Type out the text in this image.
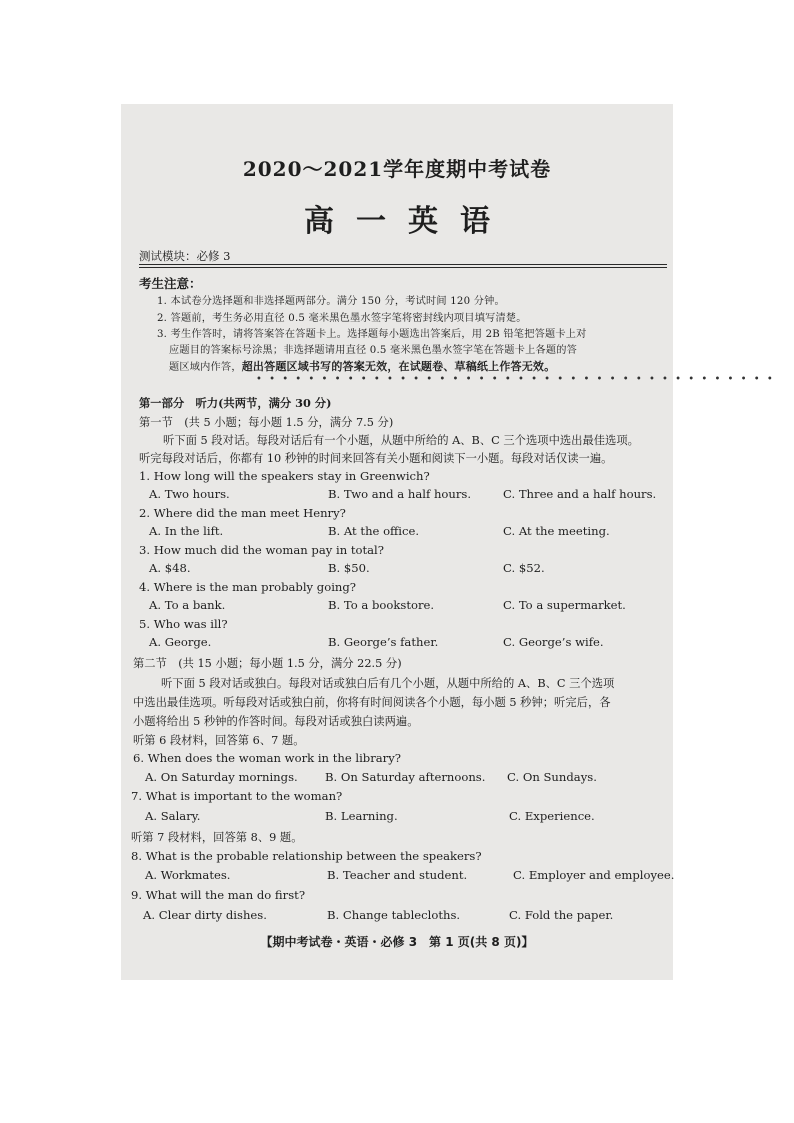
2020～2021学年度期中考试卷
高一英语
测试模块：必修 3
考生注意：
1. 本试卷分选择题和非选择题两部分。满分 150 分，考试时间 120 分钟。
2. 答题前，考生务必用直径 0.5 毫米黑色墨水签字笔将密封线内项目填写清楚。
3. 考生作答时，请将答案答在答题卡上。选择题每小题选出答案后，用 2B 铅笔把答题卡上对
应题目的答案标号涂黑；非选择题请用直径 0.5 毫米黑色墨水签字笔在答题卡上各题的答
题区域内作答，超出答题区域书写的答案无效，在试题卷、草稿纸上作答无效。
••••••••••••••••••••••••••••••••••••••••
第一部分　听力(共两节，满分 30 分)
第一节　(共 5 小题；每小题 1.5 分，满分 7.5 分)
听下面 5 段对话。每段对话后有一个小题，从题中所给的 A、B、C 三个选项中选出最佳选项。
听完每段对话后，你都有 10 秒钟的时间来回答有关小题和阅读下一小题。每段对话仅读一遍。
1. How long will the speakers stay in Greenwich?
A. Two hours.	B. Two and a half hours.	C. Three and a half hours.
2. Where did the man meet Henry?
A. In the lift.	B. At the office.	C. At the meeting.
3. How much did the woman pay in total?
A. $48.	B. $50.	C. $52.
4. Where is the man probably going?
A. To a bank.	B. To a bookstore.	C. To a supermarket.
5. Who was ill?
A. George.	B. George’s father.	C. George’s wife.
第二节　(共 15 小题；每小题 1.5 分，满分 22.5 分)
听下面 5 段对话或独白。每段对话或独白后有几个小题，从题中所给的 A、B、C 三个选项
中选出最佳选项。听每段对话或独白前，你将有时间阅读各个小题，每小题 5 秒钟；听完后，各
小题将给出 5 秒钟的作答时间。每段对话或独白读两遍。
听第 6 段材料，回答第 6、7 题。
6. When does the woman work in the library?
A. On Saturday mornings. B. On Saturday afternoons. C. On Sundays.
7. What is important to the woman?
A. Salary.	B. Learning.	C. Experience.
听第 7 段材料，回答第 8、9 题。
8. What is the probable relationship between the speakers?
A. Workmates.	B. Teacher and student.	C. Employer and employee.
9. What will the man do first?
A. Clear dirty dishes.	B. Change tablecloths.	C. Fold the paper.
【期中考试卷・英语・必修 3　第 1 页(共 8 页)】
